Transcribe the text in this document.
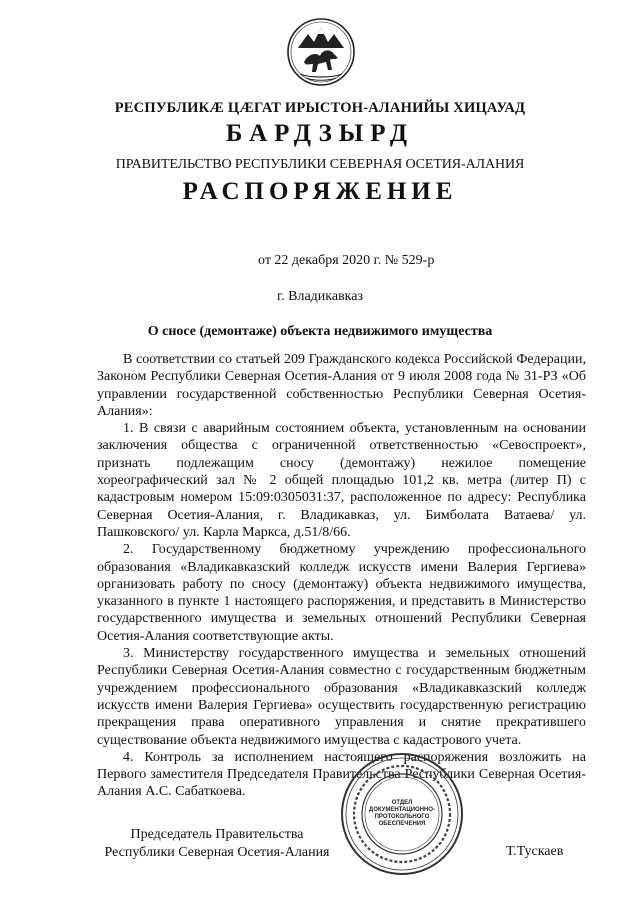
РЕСПУБЛИКӔ ЦӔГАТ ИРЫСТОН-АЛАНИЙЫ ХИЦАУАД
БАРДЗЫРД
ПРАВИТЕЛЬСТВО РЕСПУБЛИКИ СЕВЕРНАЯ ОСЕТИЯ-АЛАНИЯ
РАСПОРЯЖЕНИЕ
от 22 декабря 2020 г. № 529-р
г. Владикавказ
О сносе (демонтаже) объекта недвижимого имущества

В соответствии со статьей 209 Гражданского кодекса Российской Федерации, Законом Республики Северная Осетия-Алания от 9 июля 2008 года № 31-РЗ «Об управлении государственной собственностью Республики Северная Осетия-Алания»:

1. В связи с аварийным состоянием объекта, установленным на основании заключения общества с ограниченной ответственностью «Севоспроект», признать подлежащим сносу (демонтажу) нежилое помещение хореографический зал № 2 общей площадью 101,2 кв. метра (литер П) с кадастровым номером 15:09:0305031:37, расположенное по адресу: Республика Северная Осетия-Алания, г. Владикавказ, ул. Бимболата Ватаева/ ул. Пашковского/ ул. Карла Маркса, д.51/8/66.

2. Государственному бюджетному учреждению профессионального образования «Владикавказский колледж искусств имени Валерия Гергиева» организовать работу по сносу (демонтажу) объекта недвижимого имущества, указанного в пункте 1 настоящего распоряжения, и представить в Министерство государственного имущества и земельных отношений Республики Северная Осетия-Алания соответствующие акты.

3. Министерству государственного имущества и земельных отношений Республики Северная Осетия-Алания совместно с государственным бюджетным учреждением профессионального образования «Владикавказский колледж искусств имени Валерия Гергиева» осуществить государственную регистрацию прекращения права оперативного управления и снятие прекратившего существование объекта недвижимого имущества с кадастрового учета.

4. Контроль за исполнением настоящего распоряжения возложить на Первого заместителя Председателя Правительства Республики Северная Осетия-Алания А.С. Сабаткоева.

ОТДЕЛ
ДОКУМЕНТАЦИОННО-
ПРОТОКОЛЬНОГО
ОБЕСПЕЧЕНИЯ
Председатель Правительства
Республики Северная Осетия-Алания	Т.Тускаев
